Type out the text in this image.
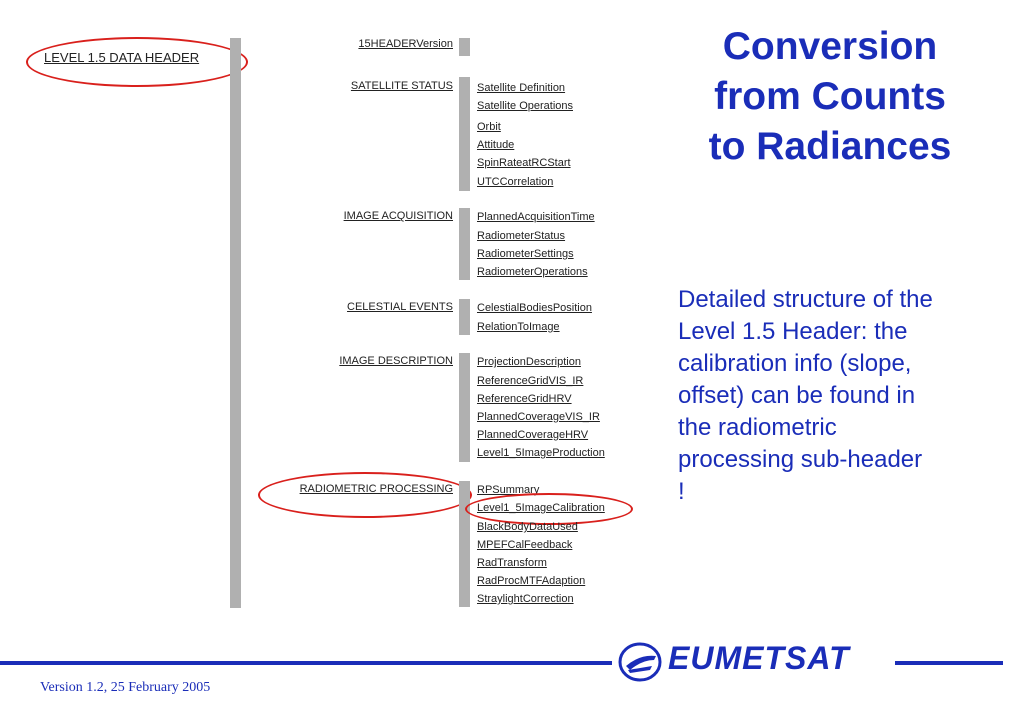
LEVEL 1.5 DATA HEADER
15HEADERVersion
SATELLITE STATUS Satellite Definition
Satellite Operations
Orbit
Attitude
SpinRateatRCStart
UTCCorrelation
IMAGE ACQUISITION PlannedAcquisitionTime
RadiometerStatus
RadiometerSettings
RadiometerOperations
CELESTIAL EVENTS CelestialBodiesPosition
RelationToImage
IMAGE DESCRIPTION ProjectionDescription
ReferenceGridVIS_IR
ReferenceGridHRV
PlannedCoverageVIS_IR
PlannedCoverageHRV
Level1_5ImageProduction
RADIOMETRIC PROCESSING RPSummary
Level1_5ImageCalibration
BlackBodyDataUsed
MPEFCalFeedback
RadTransform
RadProcMTFAdaption
StraylightCorrection
Conversion
from Counts
to Radiances
Detailed structure of the
Level 1.5 Header: the
calibration info (slope,
offset) can be found in
the radiometric
processing sub-header
!
EUMETSAT
Version 1.2, 25 February 2005
